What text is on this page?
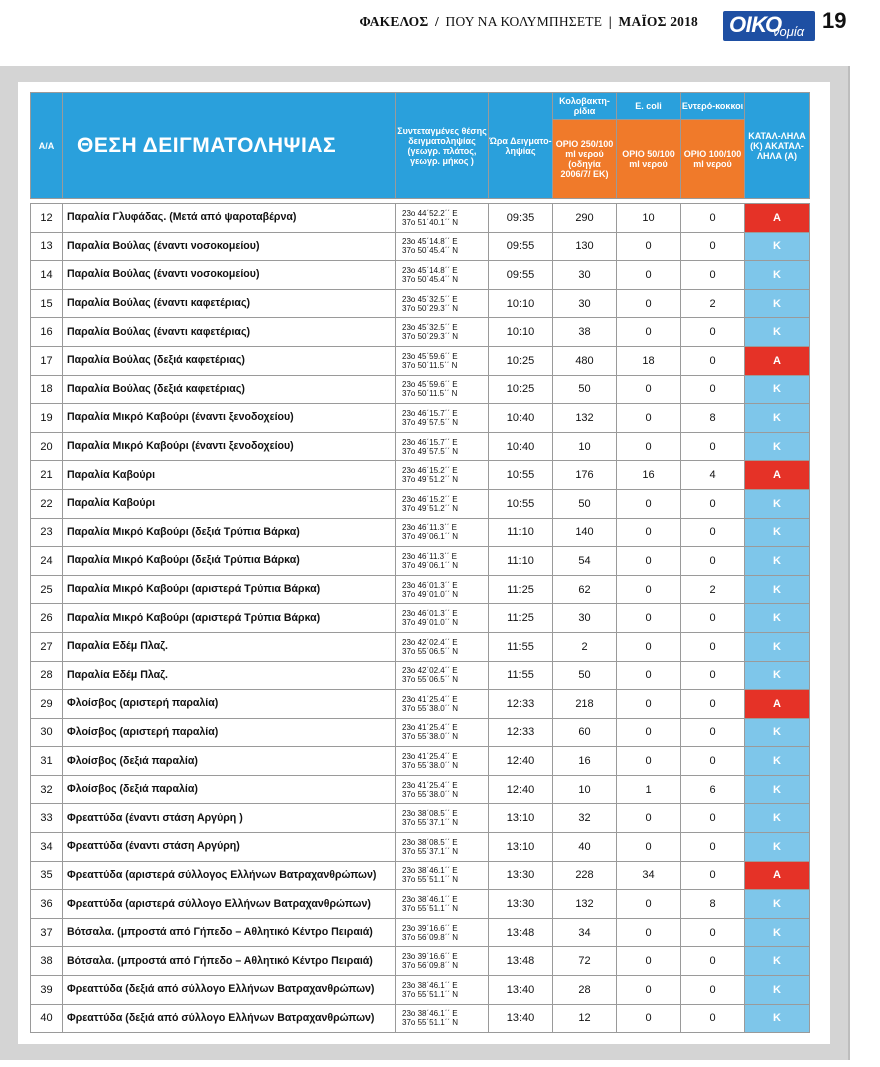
ΦΑΚΕΛΟΣ / ΠΟΥ ΝΑ ΚΟΛΥΜΠΗΣΕΤΕ | ΜΑΪΟΣ 2018 ΟΙΚΟ
νομία 19
Α/Α	ΘΕΣΗ ΔΕΙΓΜΑΤΟΛΗΨΙΑΣ	Συντεταγμένες θέσης δειγματοληψίας (γεωγρ. πλάτος, γεωγρ. μήκος )	Ώρα Δειγματο-ληψίας	Κολοβακτη-ρίδια	E. coli	Εντερό-κοκκοι	ΚΑΤΑΛ-ΛΗΛΑ (Κ) ΑΚΑΤΑΛ-ΛΗΛΑ (Α)
				ΟΡΙΟ 250/100 ml νερού (οδηγία 2006/7/ ΕΚ)	ΟΡΙΟ 50/100 ml νερού	ΟΡΙΟ 100/100 ml νερού	

12	Παραλία Γλυφάδας. (Μετά από ψαροταβέρνα)	23ο 44΄52.2΄΄ Ε
37ο 51΄40.1΄΄ Ν	09:35	290	10	0	Α
13	Παραλία Βούλας (έναντι νοσοκομείου)	23ο 45΄14.8΄΄ Ε
37ο 50΄45.4΄΄ Ν	09:55	130	0	0	Κ
14	Παραλία Βούλας (έναντι νοσοκομείου)	23ο 45΄14.8΄΄ Ε
37ο 50΄45.4΄΄ Ν	09:55	30	0	0	Κ
15	Παραλία Βούλας (έναντι καφετέριας)	23ο 45΄32.5΄΄ Ε
37ο 50΄29.3΄΄ Ν	10:10	30	0	2	Κ
16	Παραλία Βούλας (έναντι καφετέριας)	23ο 45΄32.5΄΄ Ε
37ο 50΄29.3΄΄ Ν	10:10	38	0	0	Κ
17	Παραλία Βούλας (δεξιά καφετέριας)	23ο 45΄59.6΄΄ Ε
37ο 50΄11.5΄΄ Ν	10:25	480	18	0	Α
18	Παραλία Βούλας (δεξιά καφετέριας)	23ο 45΄59.6΄΄ Ε
37ο 50΄11.5΄΄ Ν	10:25	50	0	0	Κ
19	Παραλία Μικρό Καβούρι (έναντι ξενοδοχείου)	23ο 46΄15.7΄΄ Ε
37ο 49΄57.5΄΄ Ν	10:40	132	0	8	Κ
20	Παραλία Μικρό Καβούρι (έναντι ξενοδοχείου)	23ο 46΄15.7΄΄ Ε
37ο 49΄57.5΄΄ Ν	10:40	10	0	0	Κ
21	Παραλία Καβούρι	23ο 46΄15.2΄΄ Ε
37ο 49΄51.2΄΄ Ν	10:55	176	16	4	Α
22	Παραλία Καβούρι	23ο 46΄15.2΄΄ Ε
37ο 49΄51.2΄΄ Ν	10:55	50	0	0	Κ
23	Παραλία Μικρό Καβούρι (δεξιά Τρύπια Βάρκα)	23ο 46΄11.3΄΄ Ε
37ο 49΄06.1΄΄ Ν	11:10	140	0	0	Κ
24	Παραλία Μικρό Καβούρι (δεξιά Τρύπια Βάρκα)	23ο 46΄11.3΄΄ Ε
37ο 49΄06.1΄΄ Ν	11:10	54	0	0	Κ
25	Παραλία Μικρό Καβούρι (αριστερά Τρύπια Βάρκα)	23ο 46΄01.3΄΄ Ε
37ο 49΄01.0΄΄ Ν	11:25	62	0	2	Κ
26	Παραλία Μικρό Καβούρι (αριστερά Τρύπια Βάρκα)	23ο 46΄01.3΄΄ Ε
37ο 49΄01.0΄΄ Ν	11:25	30	0	0	Κ
27	Παραλία Εδέμ Πλαζ.	23ο 42΄02.4΄΄ Ε
37ο 55΄06.5΄΄ Ν	11:55	2	0	0	Κ
28	Παραλία Εδέμ Πλαζ.	23ο 42΄02.4΄΄ Ε
37ο 55΄06.5΄΄ Ν	11:55	50	0	0	Κ
29	Φλοίσβος (αριστερή παραλία)	23ο 41΄25.4΄΄ Ε
37ο 55΄38.0΄΄ Ν	12:33	218	0	0	Α
30	Φλοίσβος (αριστερή παραλία)	23ο 41΄25.4΄΄ Ε
37ο 55΄38.0΄΄ Ν	12:33	60	0	0	Κ
31	Φλοίσβος (δεξιά παραλία)	23ο 41΄25.4΄΄ Ε
37ο 55΄38.0΄΄ Ν	12:40	16	0	0	Κ
32	Φλοίσβος (δεξιά παραλία)	23ο 41΄25.4΄΄ Ε
37ο 55΄38.0΄΄ Ν	12:40	10	1	6	Κ
33	Φρεαττύδα (έναντι στάση Αργύρη )	23ο 38΄08.5΄΄ Ε
37ο 55΄37.1΄΄ Ν	13:10	32	0	0	Κ
34	Φρεαττύδα (έναντι στάση Αργύρη)	23ο 38΄08.5΄΄ Ε
37ο 55΄37.1΄΄ Ν	13:10	40	0	0	Κ
35	Φρεαττύδα (αριστερά σύλλογος Ελλήνων Βατραχανθρώπων)	23ο 38΄46.1΄΄ Ε
37ο 55΄51.1΄΄ Ν	13:30	228	34	0	Α
36	Φρεαττύδα (αριστερά σύλλογο Ελλήνων Βατραχανθρώπων)	23ο 38΄46.1΄΄ Ε
37ο 55΄51.1΄΄ Ν	13:30	132	0	8	Κ
37	Βότσαλα. (μπροστά από Γήπεδο – Αθλητικό Κέντρο Πειραιά)	23ο 39΄16.6΄΄ Ε
37ο 56΄09.8΄΄ Ν	13:48	34	0	0	Κ
38	Βότσαλα. (μπροστά από Γήπεδο – Αθλητικό Κέντρο Πειραιά)	23ο 39΄16.6΄΄ Ε
37ο 56΄09.8΄΄ Ν	13:48	72	0	0	Κ
39	Φρεαττύδα (δεξιά από σύλλογο Ελλήνων Βατραχανθρώπων)	23ο 38΄46.1΄΄ Ε
37ο 55΄51.1΄΄ Ν	13:40	28	0	0	Κ
40	Φρεαττύδα (δεξιά από σύλλογο Ελλήνων Βατραχανθρώπων)	23ο 38΄46.1΄΄ Ε
37ο 55΄51.1΄΄ Ν	13:40	12	0	0	Κ
